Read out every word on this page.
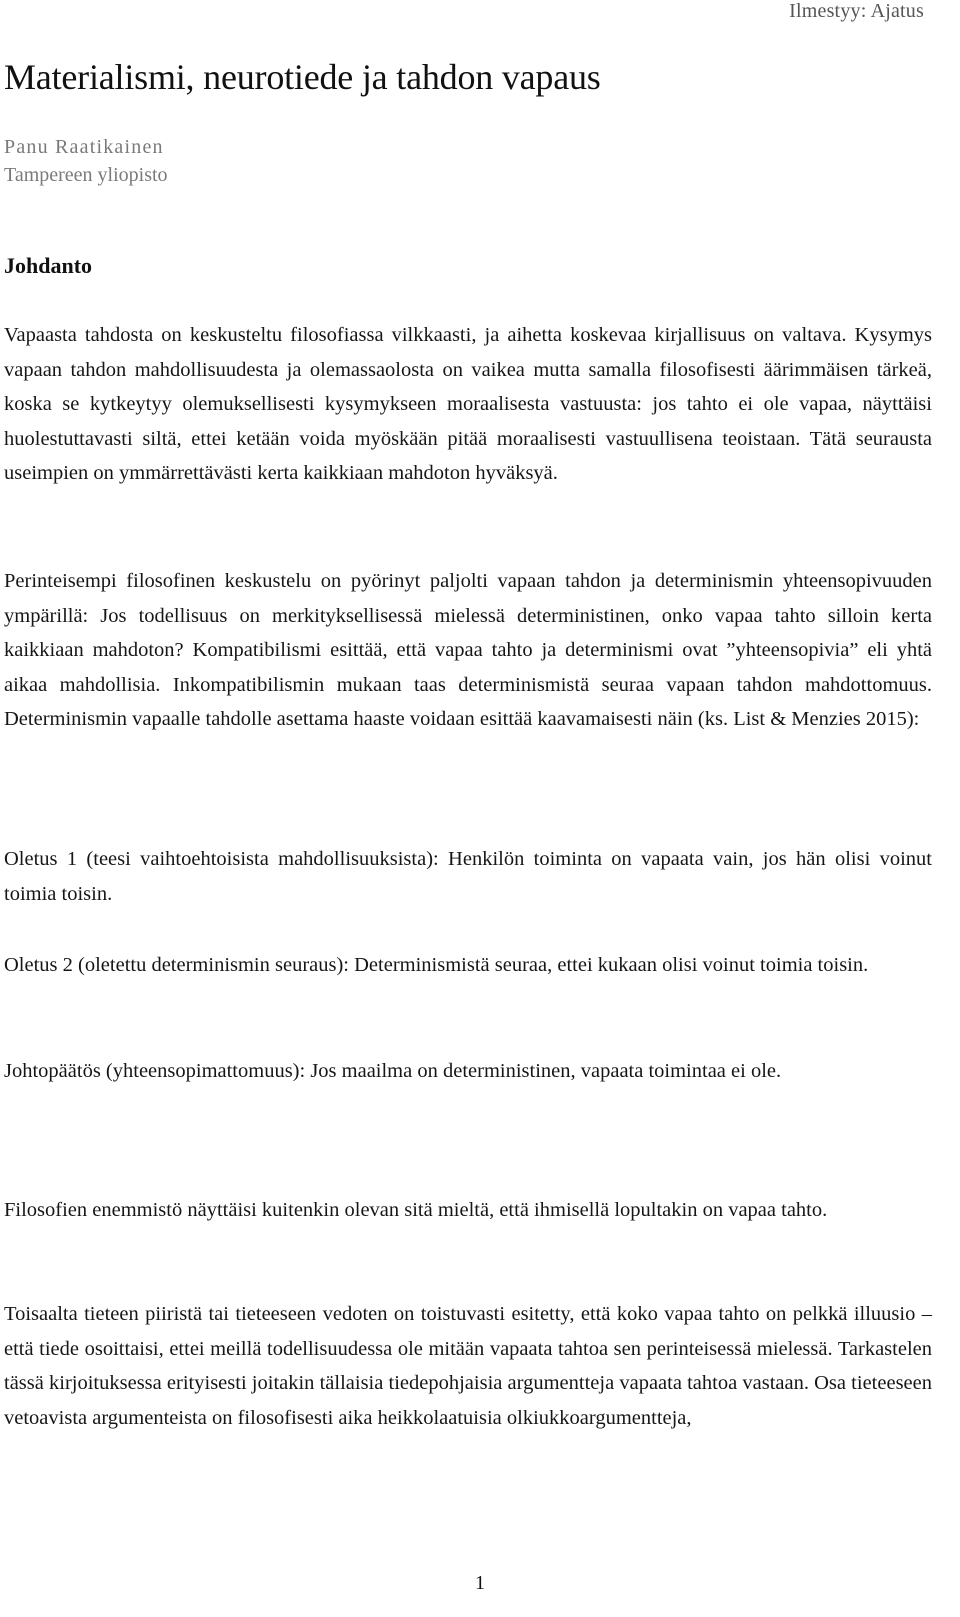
Ilmestyy: Ajatus
Materialismi, neurotiede ja tahdon vapaus
Panu Raatikainen
Tampereen yliopisto
Johdanto

Vapaasta tahdosta on keskusteltu filosofiassa vilkkaasti, ja aihetta koskevaa kirjallisuus on valtava. Kysymys vapaan tahdon mahdollisuudesta ja olemassaolosta on vaikea mutta samalla filosofisesti äärimmäisen tärkeä, koska se kytkeytyy olemuksellisesti kysymykseen moraalisesta vastuusta: jos tahto ei ole vapaa, näyttäisi huolestuttavasti siltä, ettei ketään voida myöskään pitää moraalisesti vastuullisena teoistaan. Tätä seurausta useimpien on ymmärrettävästi kerta kaikkiaan mahdoton hyväksyä.

Perinteisempi filosofinen keskustelu on pyörinyt paljolti vapaan tahdon ja determinismin yhteensopivuuden ympärillä: Jos todellisuus on merkityksellisessä mielessä deterministinen, onko vapaa tahto silloin kerta kaikkiaan mahdoton? Kompatibilismi esittää, että vapaa tahto ja determinismi ovat ”yhteensopivia” eli yhtä aikaa mahdollisia. Inkompatibilismin mukaan taas determinismistä seuraa vapaan tahdon mahdottomuus. Determinismin vapaalle tahdolle asettama haaste voidaan esittää kaavamaisesti näin (ks. List & Menzies 2015):

Oletus 1 (teesi vaihtoehtoisista mahdollisuuksista): Henkilön toiminta on vapaata vain, jos hän olisi voinut toimia toisin.

Oletus 2 (oletettu determinismin seuraus): Determinismistä seuraa, ettei kukaan olisi voinut toimia toisin.

Johtopäätös (yhteensopimattomuus): Jos maailma on deterministinen, vapaata toimintaa ei ole.

Filosofien enemmistö näyttäisi kuitenkin olevan sitä mieltä, että ihmisellä lopultakin on vapaa tahto.

Toisaalta tieteen piiristä tai tieteeseen vedoten on toistuvasti esitetty, että koko vapaa tahto on pelkkä illuusio – että tiede osoittaisi, ettei meillä todellisuudessa ole mitään vapaata tahtoa sen perinteisessä mielessä. Tarkastelen tässä kirjoituksessa erityisesti joitakin tällaisia tiedepohjaisia argumentteja vapaata tahtoa vastaan. Osa tieteeseen vetoavista argumenteista on filosofisesti aika heikkolaatuisia olkiukkoargumentteja,

1
